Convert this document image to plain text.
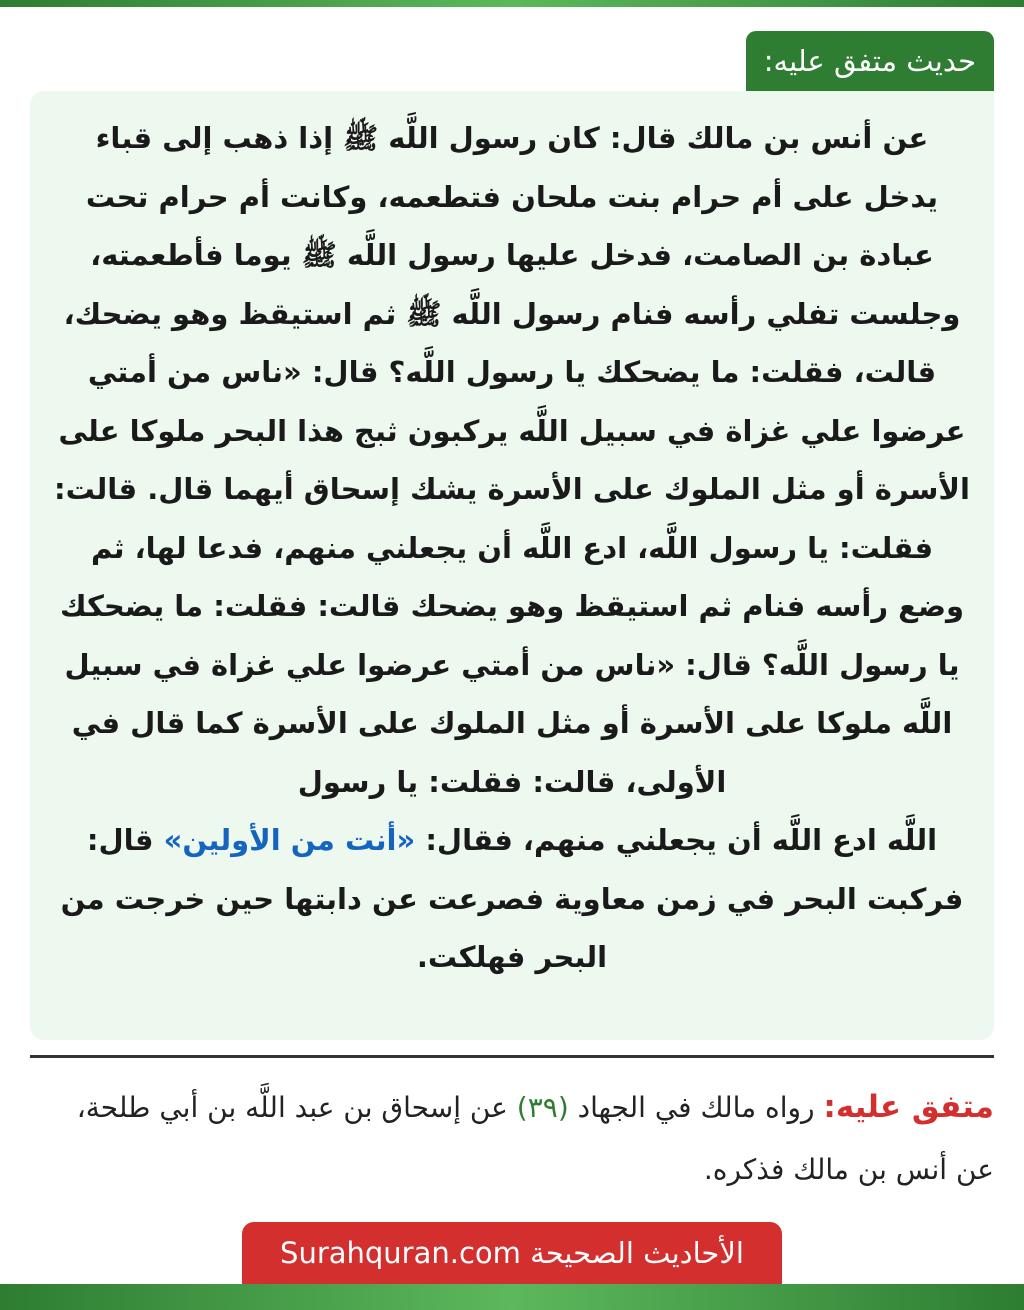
حديث متفق عليه:

عن أنس بن مالك قال: كان رسول اللَّه ﷺ إذا ذهب إلى قباء يدخل على أم حرام بنت ملحان فتطعمه، وكانت أم حرام تحت عبادة بن الصامت، فدخل عليها رسول اللَّه ﷺ يوما فأطعمته، وجلست تفلي رأسه فنام رسول اللَّه ﷺ ثم استيقظ وهو يضحك، قالت، فقلت: ما يضحكك يا رسول اللَّه؟ قال: «ناس من أمتي عرضوا علي غزاة في سبيل اللَّه يركبون ثبج هذا البحر ملوكا على الأسرة أو مثل الملوك على الأسرة يشك إسحاق أيهما قال. قالت: فقلت: يا رسول اللَّه، ادع اللَّه أن يجعلني منهم، فدعا لها، ثم وضع رأسه فنام ثم استيقظ وهو يضحك قالت: فقلت: ما يضحكك يا رسول اللَّه؟ قال: «ناس من أمتي عرضوا علي غزاة في سبيل اللَّه ملوكا على الأسرة أو مثل الملوك على الأسرة كما قال في الأولى، قالت: فقلت: يا رسول
اللَّه ادع اللَّه أن يجعلني منهم، فقال: «أنت من الأولين» قال: فركبت البحر في زمن معاوية فصرعت عن دابتها حين خرجت من البحر فهلكت.

متفق عليه: رواه مالك في الجهاد (٣٩) عن إسحاق بن عبد اللَّه بن أبي طلحة، عن أنس بن مالك فذكره.

الأحاديث الصحيحة Surahquran.com
